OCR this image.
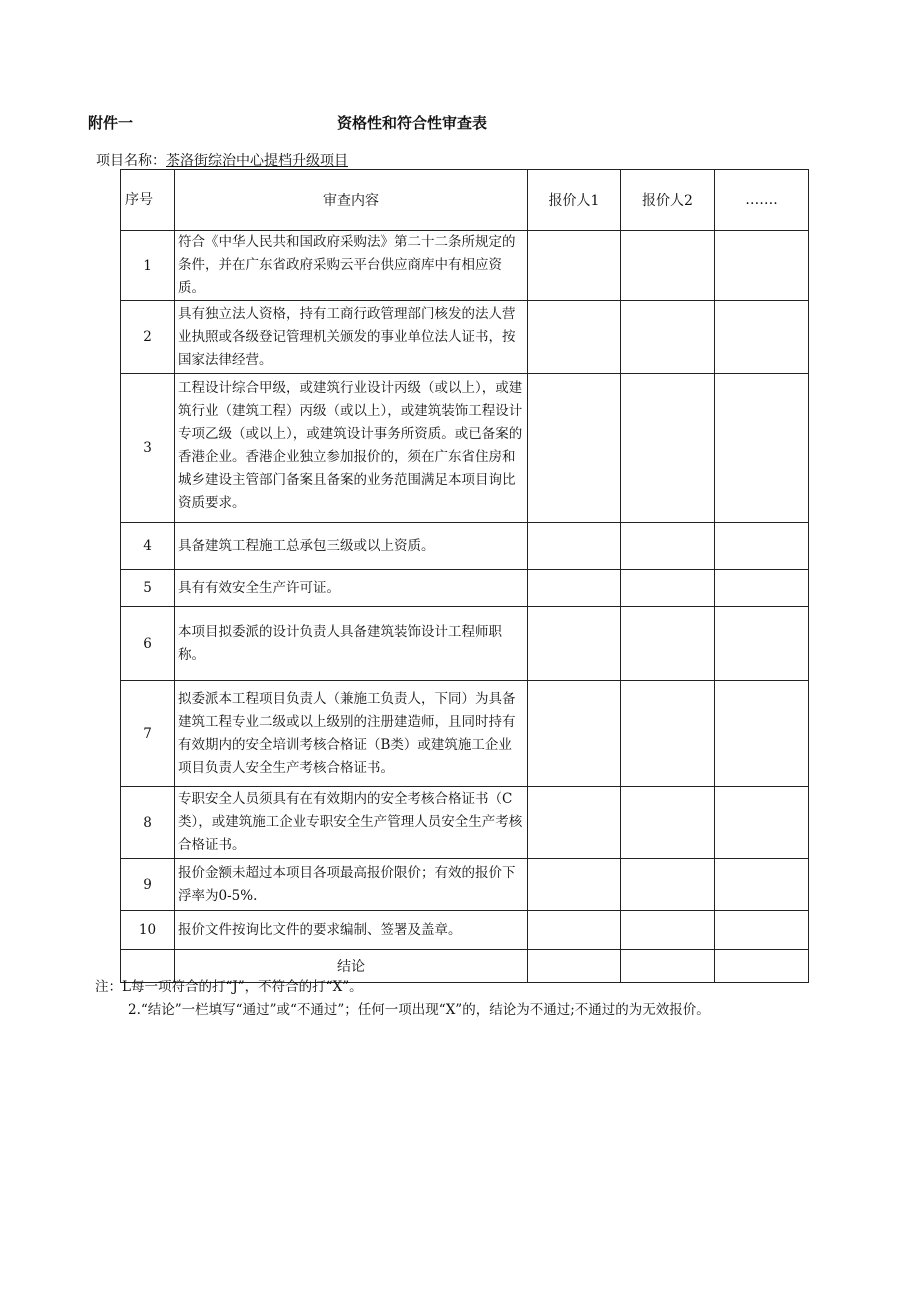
附件一	资格性和符合性审查表
项目名称：茶洛街综治中心提档升级项目
序号	审查内容	报价人1	报价人2	…….
1	符合《中华人民共和国政府采购法》第二十二条所规定的条件，并在广东省政府采购云平台供应商库中有相应资质。			
2	具有独立法人资格，持有工商行政管理部门核发的法人营业执照或各级登记管理机关颁发的事业单位法人证书，按国家法律经营。			
3	工程设计综合甲级，或建筑行业设计丙级（或以上），或建筑行业（建筑工程）丙级（或以上），或建筑装饰工程设计专项乙级（或以上），或建筑设计事务所资质。或已备案的香港企业。香港企业独立参加报价的，须在广东省住房和城乡建设主管部门备案且备案的业务范围满足本项目询比资质要求。			
4	具备建筑工程施工总承包三级或以上资质。			
5	具有有效安全生产许可证。			
6	本项目拟委派的设计负责人具备建筑装饰设计工程师职称。			
7	拟委派本工程项目负责人（兼施工负责人，下同）为具备建筑工程专业二级或以上级别的注册建造师，且同时持有有效期内的安全培训考核合格证（B类）或建筑施工企业项目负责人安全生产考核合格证书。			
8	专职安全人员须具有在有效期内的安全考核合格证书（C类），或建筑施工企业专职安全生产管理人员安全生产考核合格证书。			
9	报价金额未超过本项目各项最高报价限价；有效的报价下浮率为0-5%.			
10	报价文件按询比文件的要求编制、签署及盖章。			
	结论			
注：L每一项符合的打“J”，不符合的打“X”。
2.“结论”一栏填写“通过”或“不通过”；任何一项出现“X”的，结论为不通过;不通过的为无效报价。
